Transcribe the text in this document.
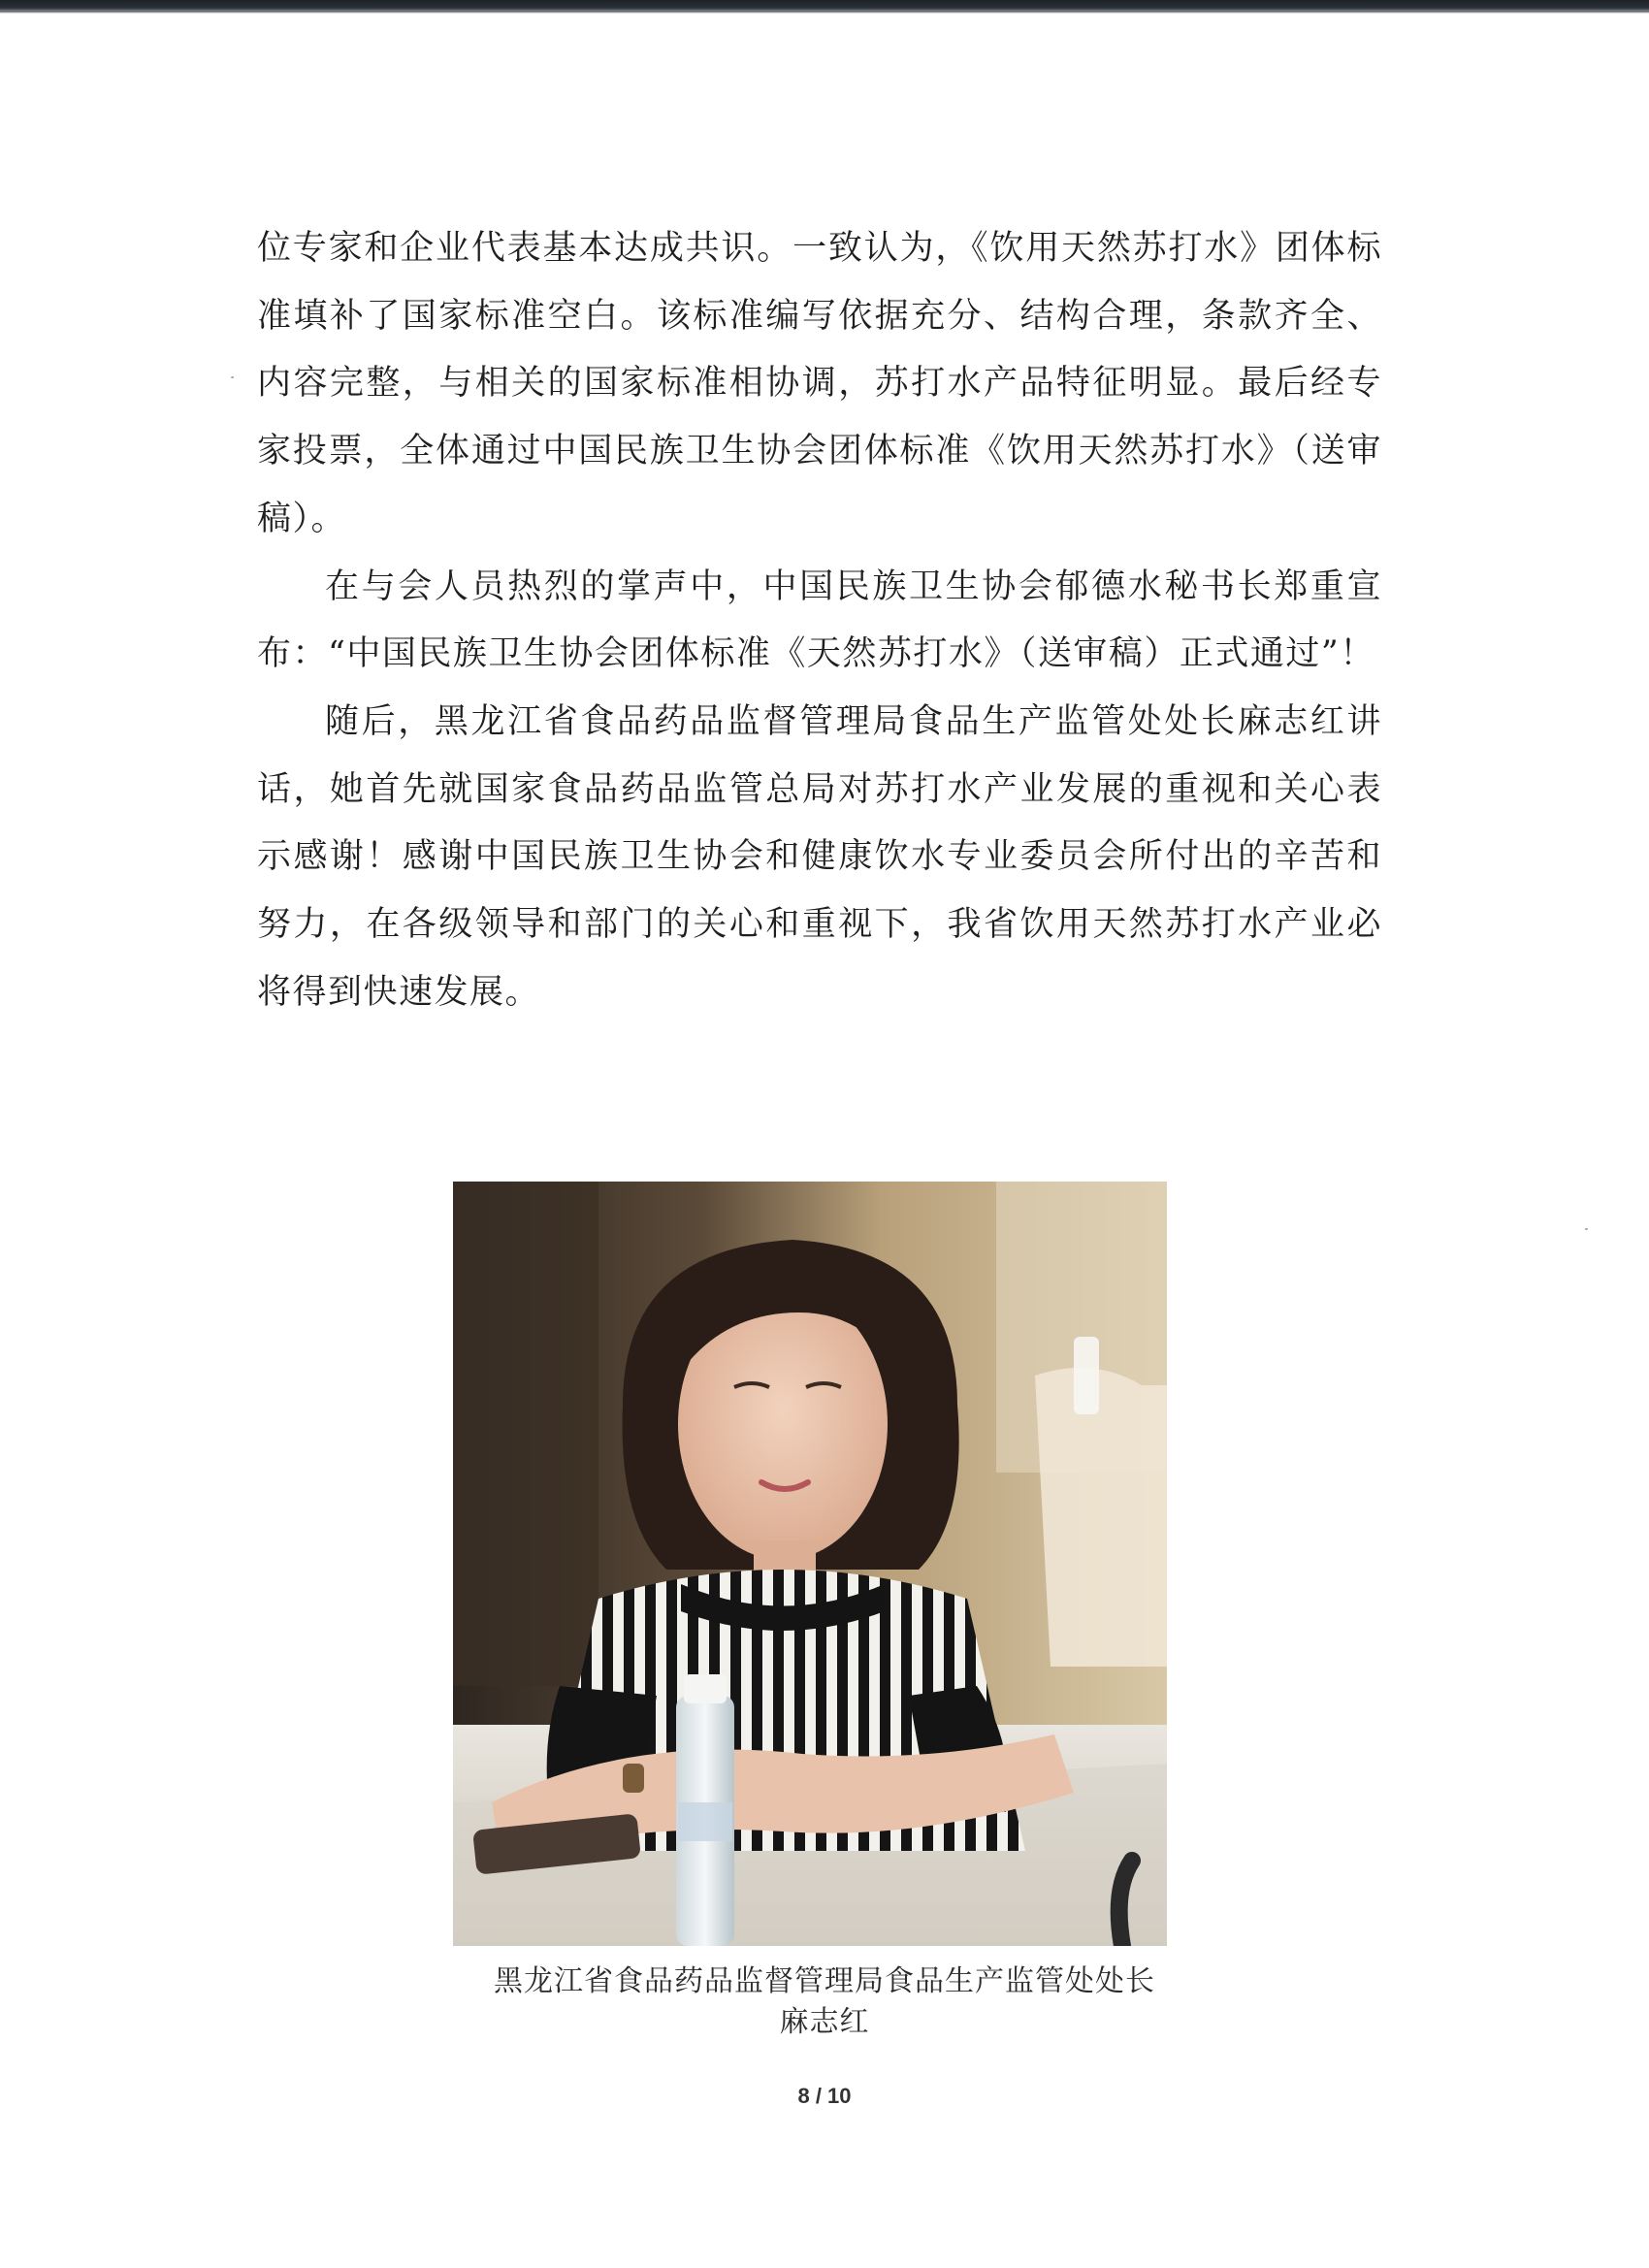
位专家和企业代表基本达成共识。一致认为，《饮用天然苏打水》团体标准填补了国家标准空白。该标准编写依据充分、结构合理，条款齐全、内容完整，与相关的国家标准相协调，苏打水产品特征明显。最后经专家投票，全体通过中国民族卫生协会团体标准《饮用天然苏打水》（送审稿）。

在与会人员热烈的掌声中，中国民族卫生协会郁德水秘书长郑重宣布：“中国民族卫生协会团体标准《天然苏打水》（送审稿）正式通过”！

随后，黑龙江省食品药品监督管理局食品生产监管处处长麻志红讲话，她首先就国家食品药品监管总局对苏打水产业发展的重视和关心表示感谢！感谢中国民族卫生协会和健康饮水专业委员会所付出的辛苦和努力，在各级领导和部门的关心和重视下，我省饮用天然苏打水产业必将得到快速发展。

黑龙江省食品药品监督管理局食品生产监管处处长
麻志红
8 / 10
